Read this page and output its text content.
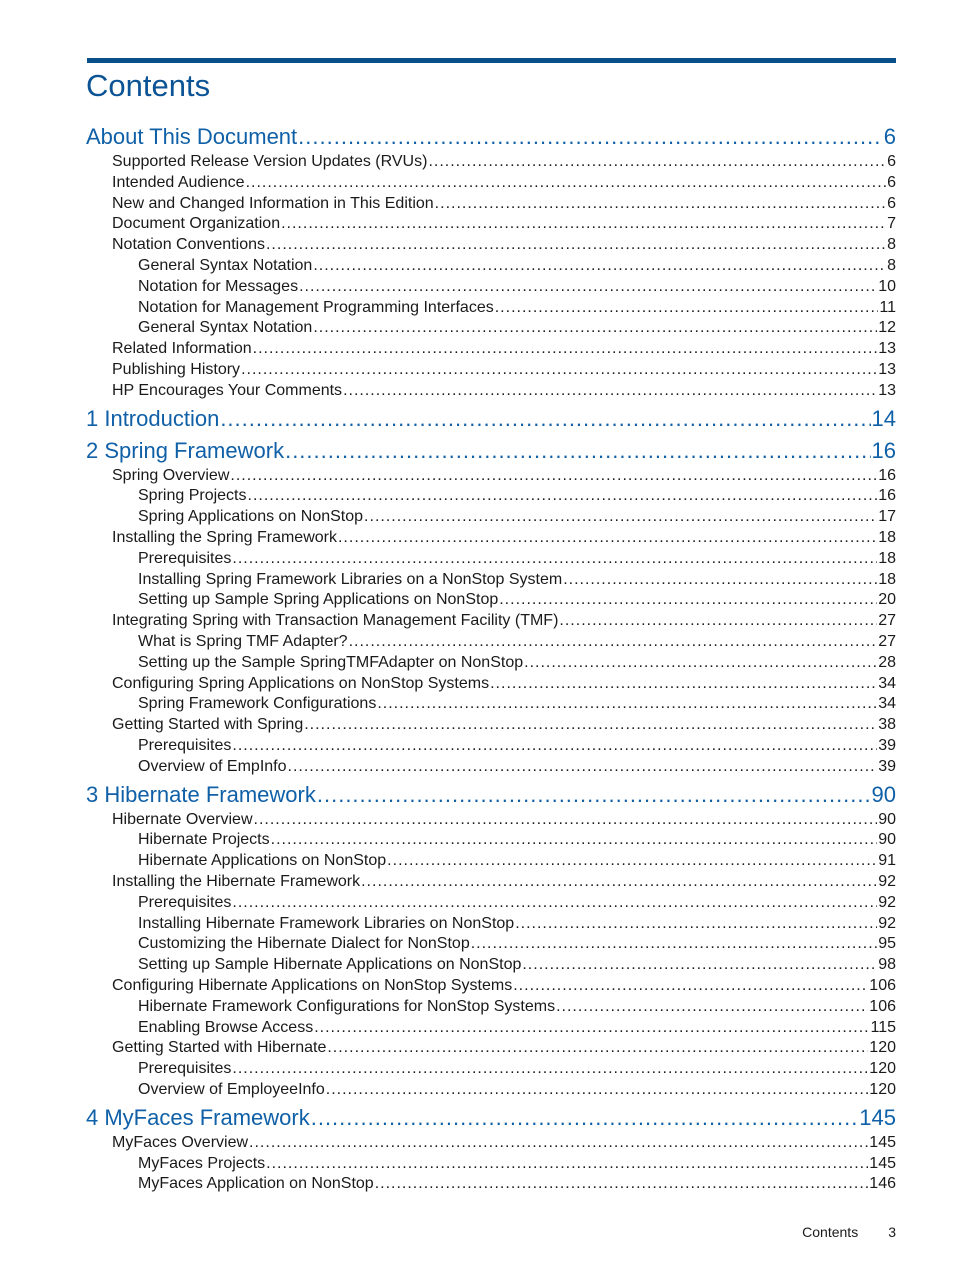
Contents
About This Document .....	6
Supported Release Version Updates (RVUs) .....	6
Intended Audience .....	6
New and Changed Information in This Edition .....	6
Document Organization .....	7
Notation Conventions .....	8
General Syntax Notation .....	8
Notation for Messages .....	10
Notation for Management Programming Interfaces .....	11
General Syntax Notation .....	12
Related Information .....	13
Publishing History .....	13
HP Encourages Your Comments .....	13
1 Introduction .....	14
2 Spring Framework .....	16
Spring Overview .....	16
Spring Projects .....	16
Spring Applications on NonStop .....	17
Installing the Spring Framework .....	18
Prerequisites .....	18
Installing Spring Framework Libraries on a NonStop System .....	18
Setting up Sample Spring Applications on NonStop .....	20
Integrating Spring with Transaction Management Facility (TMF) .....	27
What is Spring TMF Adapter? .....	27
Setting up the Sample SpringTMFAdapter on NonStop .....	28
Configuring Spring Applications on NonStop Systems .....	34
Spring Framework Configurations .....	34
Getting Started with Spring .....	38
Prerequisites .....	39
Overview of EmpInfo .....	39
3 Hibernate Framework .....	90
Hibernate Overview .....	90
Hibernate Projects .....	90
Hibernate Applications on NonStop .....	91
Installing the Hibernate Framework .....	92
Prerequisites .....	92
Installing Hibernate Framework Libraries on NonStop .....	92
Customizing the Hibernate Dialect for NonStop .....	95
Setting up Sample Hibernate Applications on NonStop .....	98
Configuring Hibernate Applications on NonStop Systems .....	106
Hibernate Framework Configurations for NonStop Systems .....	106
Enabling Browse Access .....	115
Getting Started with Hibernate .....	120
Prerequisites .....	120
Overview of EmployeeInfo .....	120
4 MyFaces Framework .....	145
MyFaces Overview .....	145
MyFaces Projects .....	145
MyFaces Application on NonStop .....	146
Contents 3
